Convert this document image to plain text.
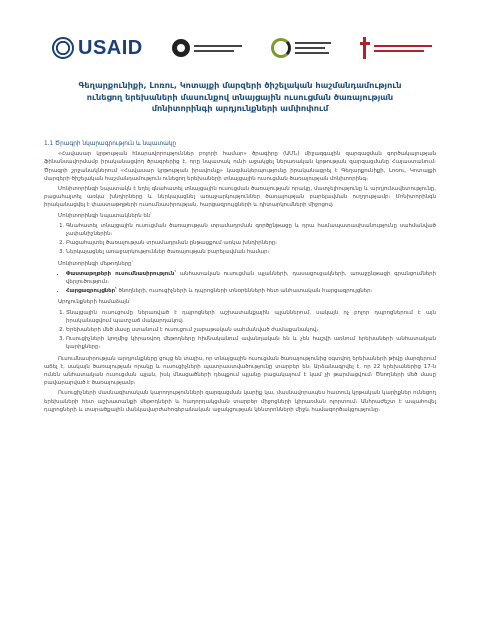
USAID
Գեղարքունիքի, Լոռու, Կոտայքի մարզերի ծիշելական հաշմանդամություն ունեցող երեխաների մասունքով տնայցային ուսուցման ծառայության մոնիտորինգի արդյունքների ամփոփում

1.1 Ծրագրի նկարագրություն և նպատակը

«Հավասար կրթության հնարավորություններ բոլորի համար» ծրագիրը (ԱՄՆ) միջազգային զարգացման գործակալության ֆինանսավորմամբ իրականացվող ծրագրերից է, որը նպատակ ունի աջակցել ներառական կրթության զարգացմանը Հայաստանում։ Ծրագրի շրջանակներում «Հավասար կրթության իրավունք» կազմակերպությունը իրականացրել է Գեղարքունիքի, Լոռու, Կոտայքի մարզերի ծիշելական հաշմանդամություն ունեցող երեխաների տնայցային ուսուցման ծառայության մոնիտորինգ։

Մոնիտորինգի նպատակն է եղել գնահատել տնայցային ուսուցման ծառայության որակը, մատչելիությունը և արդյունավետությունը, բացահայտել առկա խնդիրները և ներկայացնել առաջարկություններ ծառայության բարելավման ուղղությամբ։ Մոնիտորինգն իրականացվել է փաստաթղթերի ուսումնասիրության, հարցազրույցների և դիտարկումների միջոցով։

Մոնիտորինգի նպատակներն են՝

1. Գնահատել տնայցային ուսուցման ծառայության տրամադրման գործընթացը և դրա համապատասխանությունը սահմանված չափանիշներին։
2. Բացահայտել ծառայության տրամադրման ընթացքում առկա խնդիրները։
3. Ներկայացնել առաջարկություններ ծառայության բարելավման համար։

Մոնիտորինգի մեթոդները՝

• Փաստաթղթերի ուսումնասիրություն՝ անհատական ուսուցման պլանների, դասացուցակների, առաջընթացի գրանցումների վերլուծություն։
• Հարցազրույցներ՝ ծնողների, ուսուցիչների և դպրոցների տնօրենների հետ անհատական հարցազրույցներ։

Արդյունքների համաձայն՝

1. Տնայցային ուսուցումը ներառված է դպրոցների աշխատանքային պլաններում, սակայն ոչ բոլոր դպրոցներում է այն իրականացվում պատշաճ մակարդակով։
2. Երեխաների մեծ մասը ստանում է ուսուցում շաբաթական սահմանված ժամաքանակով։
3. Ուսուցիչների կողմից կիրառվող մեթոդները հիմնականում ավանդական են և չեն հաշվի առնում երեխաների անհատական կարիքները։

Ուսումնասիրության արդյունքները ցույց են տալիս, որ տնայցային ուսուցման ծառայությունից օգտվող երեխաների թիվը մարզերում աճել է, սակայն ծառայության որակը և ուսուցիչների պատրաստվածությունը տարբեր են։ Արձանագրվել է, որ 22 երեխաներից 17-ն ունեն անհատական ուսուցման պլան, իսկ մնացածների դեպքում պլանը բացակայում է կամ չի թարմացվում։ Ծնողների մեծ մասը բավարարված է ծառայությամբ։

Ուսուցիչների մասնագիտական կարողությունների զարգացման կարիք կա, մասնավորապես հատուկ կրթական կարիքներ ունեցող երեխաների հետ աշխատանքի մեթոդների և հաղորդակցման տարբեր միջոցների կիրառման ոլորտում։ Անհրաժեշտ է ապահովել դպրոցների և տարածքային մանկավարժահոգեբանական աջակցության կենտրոնների միջև համագործակցությունը։
